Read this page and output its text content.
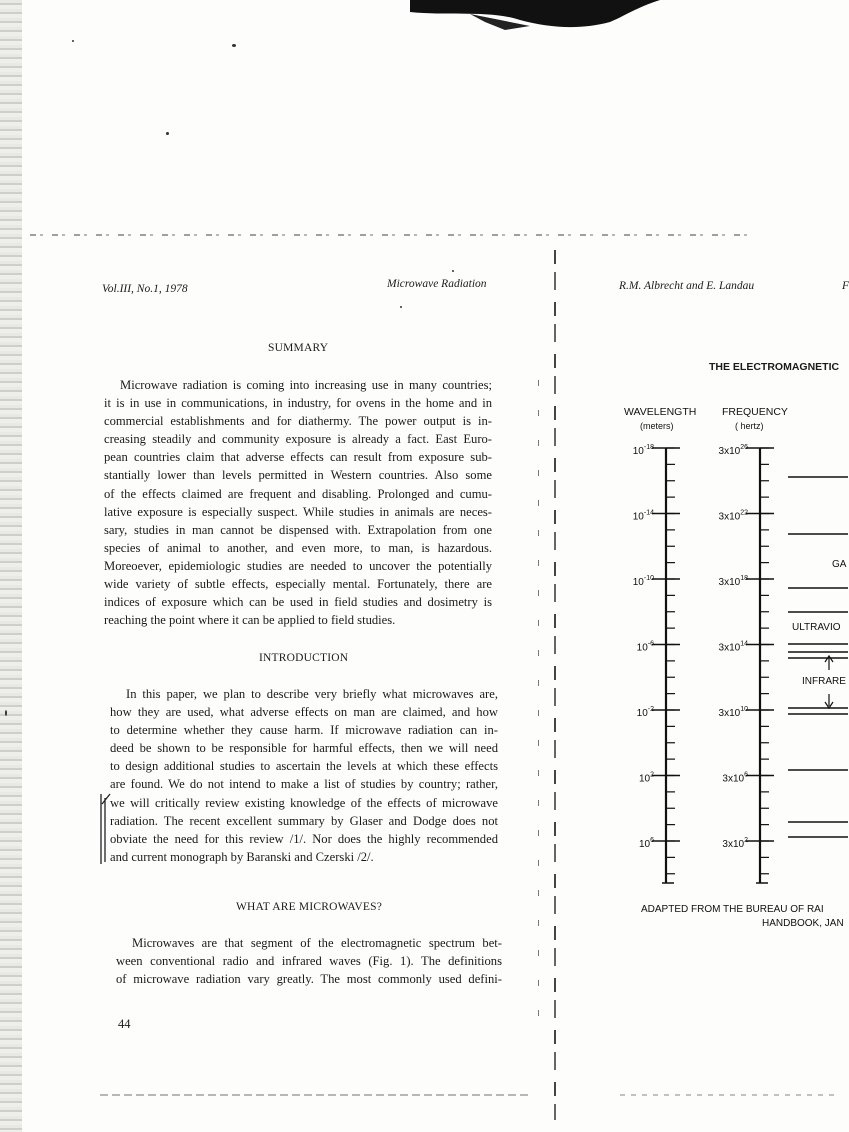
Vol.III, No.1, 1978	Microwave Radiation
SUMMARY

Microwave radiation is coming into increasing use in many countries;

it is in use in communications, in industry, for ovens in the home and in

commercial establishments and for diathermy. The power output is in-

creasing steadily and community exposure is already a fact. East Euro-

pean countries claim that adverse effects can result from exposure sub-

stantially lower than levels permitted in Western countries. Also some

of the effects claimed are frequent and disabling. Prolonged and cumu-

lative exposure is especially suspect. While studies in animals are neces-

sary, studies in man cannot be dispensed with. Extrapolation from one

species of animal to another, and even more, to man, is hazardous.

Moreoever, epidemiologic studies are needed to uncover the potentially

wide variety of subtle effects, especially mental. Fortunately, there are

indices of exposure which can be used in field studies and dosimetry is

reaching the point where it can be applied to field studies.

INTRODUCTION

In this paper, we plan to describe very briefly what microwaves are,

how they are used, what adverse effects on man are claimed, and how

to determine whether they cause harm. If microwave radiation can in-

deed be shown to be responsible for harmful effects, then we will need

to design additional studies to ascertain the levels at which these effects

are found. We do not intend to make a list of studies by country; rather,

we will critically review existing knowledge of the effects of microwave

radiation. The recent excellent summary by Glaser and Dodge does not

obviate the need for this review /1/. Nor does the highly recommended

and current monograph by Baranski and Czerski /2/.

WHAT ARE MICROWAVES?

Microwaves are that segment of the electromagnetic spectrum bet-

ween conventional radio and infrared waves (Fig. 1). The definitions

of microwave radiation vary greatly. The most commonly used defini-

44
R.M. Albrecht and E. Landau	F
THE ELECTROMAGNETIC
WAVELENGTH
(meters)
FREQUENCY
( hertz)
$10^{-18}$
$10^{-14}$
$10^{-10}$
$10^{-6}$
$10^{-2}$
$10^2$
$10^6$
$3x10^{26}$
$3x10^{22}$
$3x10^{18}$
$3x10^{14}$
$3x10^{10}$
$3x10^6$
$3x10^2$
GA
ULTRAVIO
INFRARE
ADAPTED FROM THE BUREAU OF RAI
HANDBOOK, JAN
